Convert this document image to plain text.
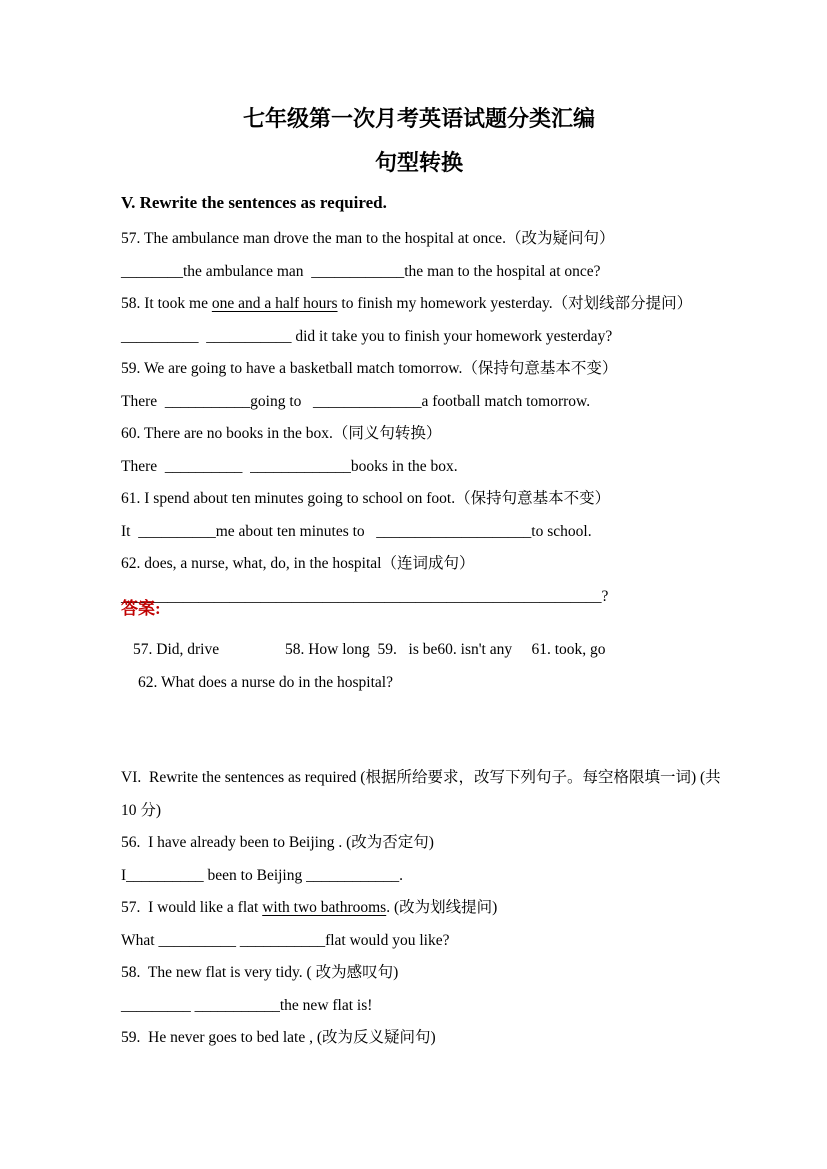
七年级第一次月考英语试题分类汇编
句型转换

V. Rewrite the sentences as required.

57. The ambulance man drove the man to the hospital at once.（改为疑问句）

________the ambulance man  ____________the man to the hospital at once?

58. It took me one and a half hours to finish my homework yesterday.（对划线部分提问）

__________  ___________ did it take you to finish your homework yesterday?

59. We are going to have a basketball match tomorrow.（保持句意基本不变）

There  ___________going to   ______________a football match tomorrow.

60. There are no books in the box.（同义句转换）

There  __________  _____________books in the box.

61. I spend about ten minutes going to school on foot.（保持句意基本不变）

It  __________me about ten minutes to   ____________________to school.

62. does, a nurse, what, do, in the hospital（连词成句）

______________________________________________________________?

答案:

57. Did, drive                 58. How long  59.   is be60. isn't any     61. took, go

62. What does a nurse do in the hospital?

VI.  Rewrite the sentences as required (根据所给要求，改写下列句子。每空格限填一词) (共

10 分)

56.  I have already been to Beijing . (改为否定句)

I__________ been to Beijing ____________.

57.  I would like a flat with two bathrooms. (改为划线提问)

What __________ ___________flat would you like?

58.  The new flat is very tidy. ( 改为感叹句)

_________ ___________the new flat is!

59.  He never goes to bed late , (改为反义疑问句)
